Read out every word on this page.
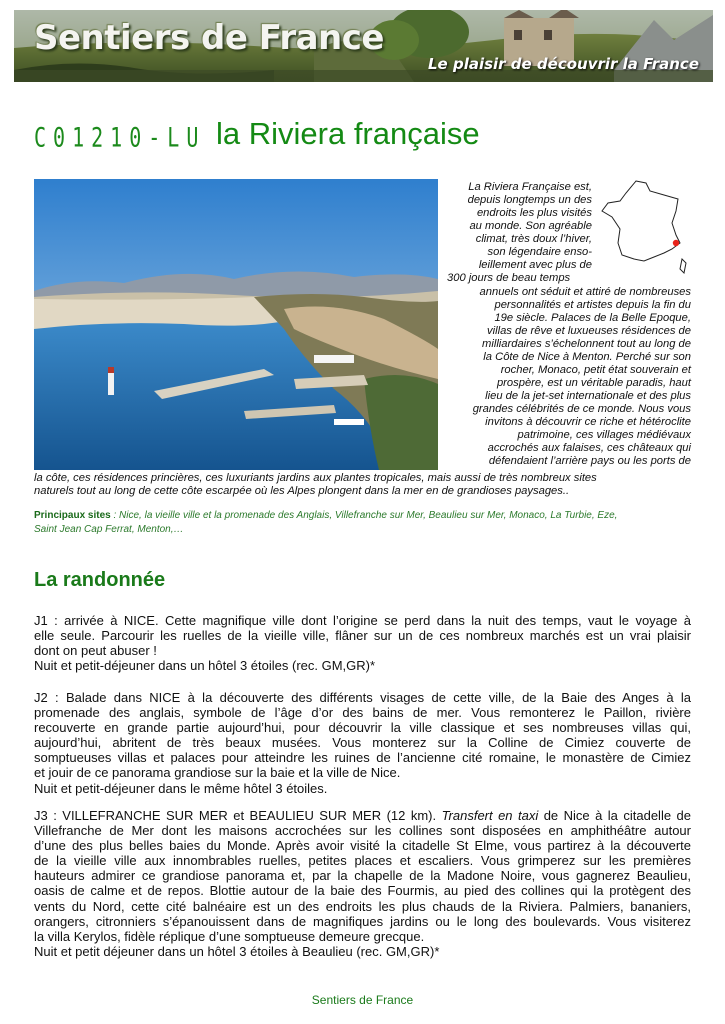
Sentiers de France
Le plaisir de découvrir la France
C01210-LU la Riviera française
La Riviera Française est,
depuis longtemps un des
endroits les plus visités
au monde. Son agréable
climat, très doux l’hiver,
son légendaire enso-
leillement avec plus de
300 jours de beau temps
annuels ont séduit et attiré de nombreuses
personnalités et artistes depuis la fin du
19e siècle. Palaces de la Belle Epoque,
villas de rêve et luxueuses résidences de
milliardaires s’échelonnent tout au long de
la Côte de Nice à Menton. Perché sur son
rocher, Monaco, petit état souverain et
prospère, est un véritable paradis, haut
lieu de la jet-set internationale et des plus
grandes célébrités de ce monde. Nous vous
invitons à découvrir ce riche et hétéroclite
patrimoine, ces villages médiévaux
accrochés aux falaises, ces châteaux qui
défendaient l’arrière pays ou les ports de
la côte, ces résidences princières, ces luxuriants jardins aux plantes tropicales, mais aussi de très nombreux sites
naturels tout au long de cette côte escarpée où les Alpes plongent dans la mer en de grandioses paysages..
Principaux sites : Nice, la vieille ville et la promenade des Anglais, Villefranche sur Mer, Beaulieu sur Mer, Monaco, La Turbie, Eze,
Saint Jean Cap Ferrat, Menton,…
La randonnée
J1 : arrivée à NICE. Cette magnifique ville dont l’origine se perd dans la nuit des temps, vaut le voyage à
elle seule. Parcourir les ruelles de la vieille ville, flâner sur un de ces nombreux marchés est un vrai plaisir
dont on peut abuser !
Nuit et petit-déjeuner dans un hôtel 3 étoiles (rec. GM,GR)*
J2 : Balade dans NICE à la découverte des différents visages de cette ville, de la Baie des Anges à la
promenade des anglais, symbole de l’âge d’or des bains de mer. Vous remonterez le Paillon, rivière
recouverte en grande partie aujourd’hui, pour découvrir la ville classique et ses nombreuses villas qui,
aujourd’hui, abritent de très beaux musées. Vous monterez sur la Colline de Cimiez couverte de
somptueuses villas et palaces pour atteindre les ruines de l’ancienne cité romaine, le monastère de Cimiez
et jouir de ce panorama grandiose sur la baie et la ville de Nice.
Nuit et petit-déjeuner dans le même hôtel 3 étoiles.
J3 : VILLEFRANCHE SUR MER et BEAULIEU SUR MER (12 km). Transfert en taxi de Nice à la citadelle de
Villefranche de Mer dont les maisons accrochées sur les collines sont disposées en amphithéâtre autour
d’une des plus belles baies du Monde. Après avoir visité la citadelle St Elme, vous partirez à la découverte
de la vieille ville aux innombrables ruelles, petites places et escaliers. Vous grimperez sur les premières
hauteurs admirer ce grandiose panorama et, par la chapelle de la Madone Noire, vous gagnerez Beaulieu,
oasis de calme et de repos. Blottie autour de la baie des Fourmis, au pied des collines qui la protègent des
vents du Nord, cette cité balnéaire est un des endroits les plus chauds de la Riviera. Palmiers, bananiers,
orangers, citronniers s’épanouissent dans de magnifiques jardins ou le long des boulevards. Vous visiterez
la villa Kerylos, fidèle réplique d’une somptueuse demeure grecque.
Nuit et petit déjeuner dans un hôtel 3 étoiles à Beaulieu (rec. GM,GR)*
Sentiers de France
